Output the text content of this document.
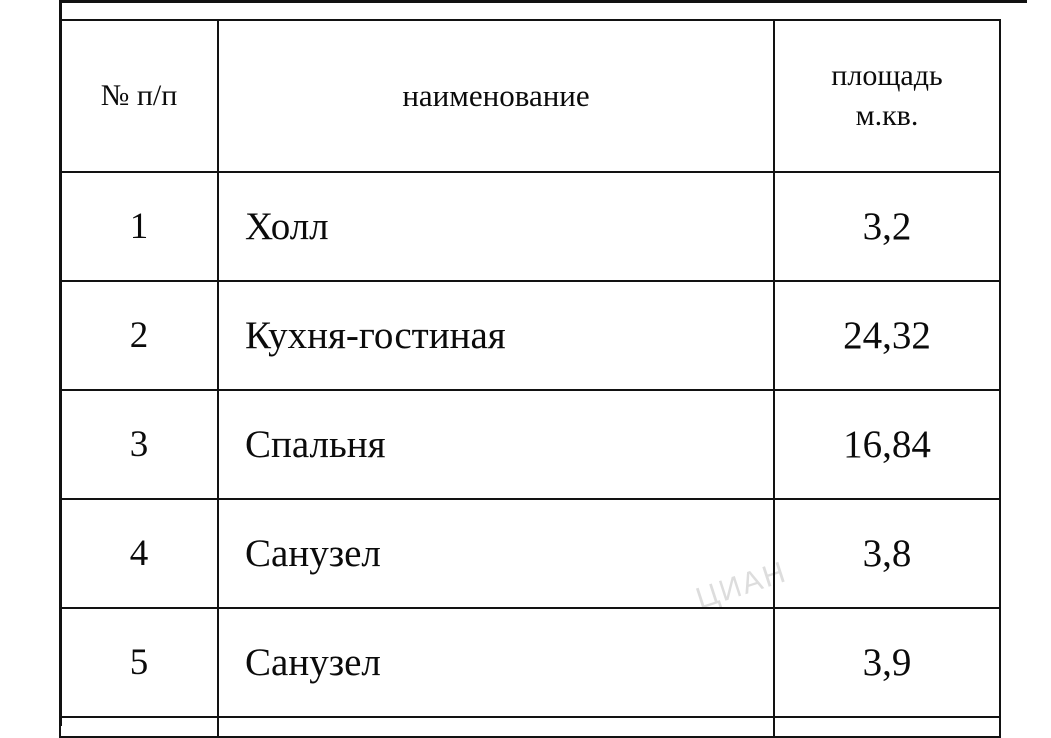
ЦИАН
№ п/п	наименование	площадь
м.кв.

1	Холл	3,2
2	Кухня-гостиная	24,32
3	Спальня	16,84
4	Санузел	3,8
5	Санузел	3,9
